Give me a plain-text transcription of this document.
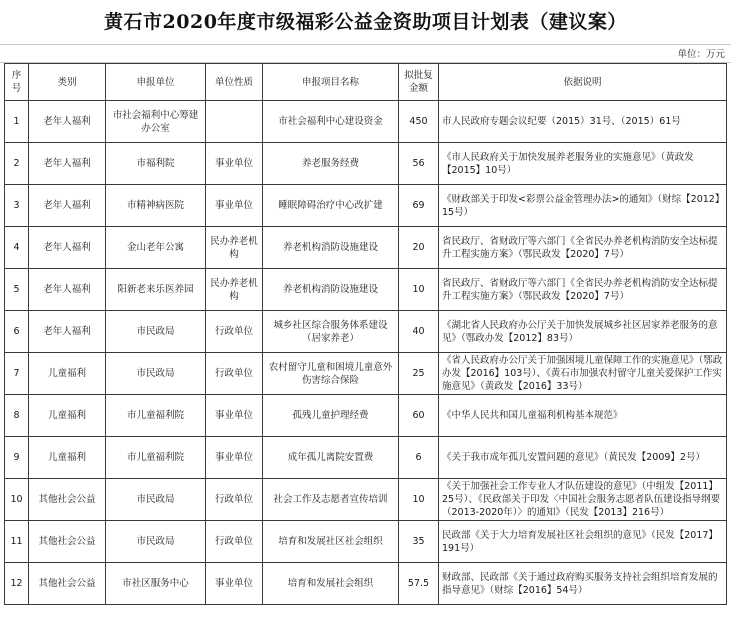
黄石市2020年度市级福彩公益金资助项目计划表（建议案）
单位：万元
序号	类别	申报单位	单位性质	申报项目名称	拟批复金额	依据说明
1	老年人福利	市社会福利中心筹建办公室		市社会福利中心建设资金	450	市人民政府专题会议纪要（2015）31号、（2015）61号
2	老年人福利	市福利院	事业单位	养老服务经费	56	《市人民政府关于加快发展养老服务业的实施意见》（黄政发【2015】10号）
3	老年人福利	市精神病医院	事业单位	睡眠障碍治疗中心改扩建	69	《财政部关于印发<彩票公益金管理办法>的通知》（财综【2012】15号）
4	老年人福利	金山老年公寓	民办养老机构	养老机构消防设施建设	20	省民政厅、省财政厅等六部门《全省民办养老机构消防安全达标提升工程实施方案》（鄂民政发【2020】7号）
5	老年人福利	阳新老来乐医养园	民办养老机构	养老机构消防设施建设	10	省民政厅、省财政厅等六部门《全省民办养老机构消防安全达标提升工程实施方案》（鄂民政发【2020】7号）
6	老年人福利	市民政局	行政单位	城乡社区综合服务体系建设（居家养老）	40	《湖北省人民政府办公厅关于加快发展城乡社区居家养老服务的意见》（鄂政办发【2012】83号）
7	儿童福利	市民政局	行政单位	农村留守儿童和困境儿童意外伤害综合保险	25	《省人民政府办公厅关于加强困境儿童保障工作的实施意见》（鄂政办发【2016】103号）、《黄石市加强农村留守儿童关爱保护工作实施意见》（黄政发【2016】33号）
8	儿童福利	市儿童福利院	事业单位	孤残儿童护理经费	60	《中华人民共和国儿童福利机构基本规范》
9	儿童福利	市儿童福利院	事业单位	成年孤儿离院安置费	6	《关于我市成年孤儿安置问题的意见》（黄民发【2009】2号）
10	其他社会公益	市民政局	行政单位	社会工作及志愿者宣传培训	10	《关于加强社会工作专业人才队伍建设的意见》（中组发【2011】25号）、《民政部关于印发〈中国社会服务志愿者队伍建设指导纲要（2013-2020年）〉的通知》（民发【2013】216号）
11	其他社会公益	市民政局	行政单位	培育和发展社区社会组织	35	民政部《关于大力培育发展社区社会组织的意见》（民发【2017】191号）
12	其他社会公益	市社区服务中心	事业单位	培育和发展社会组织	57.5	财政部、民政部《关于通过政府购买服务支持社会组织培育发展的指导意见》（财综【2016】54号）
